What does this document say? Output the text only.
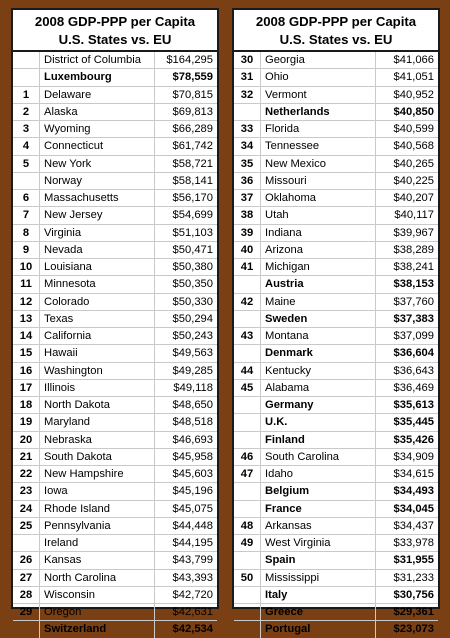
2008 GDP-PPP per Capita
U.S. States vs. EU
	District of Columbia	$164,295
	Luxembourg	$78,559
1	Delaware	$70,815
2	Alaska	$69,813
3	Wyoming	$66,289
4	Connecticut	$61,742
5	New York	$58,721
	Norway	$58,141
6	Massachusetts	$56,170
7	New Jersey	$54,699
8	Virginia	$51,103
9	Nevada	$50,471
10	Louisiana	$50,380
11	Minnesota	$50,350
12	Colorado	$50,330
13	Texas	$50,294
14	California	$50,243
15	Hawaii	$49,563
16	Washington	$49,285
17	Illinois	$49,118
18	North Dakota	$48,650
19	Maryland	$48,518
20	Nebraska	$46,693
21	South Dakota	$45,958
22	New Hampshire	$45,603
23	Iowa	$45,196
24	Rhode Island	$45,075
25	Pennsylvania	$44,448
	Ireland	$44,195
26	Kansas	$43,799
27	North Carolina	$43,393
28	Wisconsin	$42,720
29	Oregon	$42,631
	Switzerland	$42,534
2008 GDP-PPP per Capita
U.S. States vs. EU
30	Georgia	$41,066
31	Ohio	$41,051
32	Vermont	$40,952
	Netherlands	$40,850
33	Florida	$40,599
34	Tennessee	$40,568
35	New Mexico	$40,265
36	Missouri	$40,225
37	Oklahoma	$40,207
38	Utah	$40,117
39	Indiana	$39,967
40	Arizona	$38,289
41	Michigan	$38,241
	Austria	$38,153
42	Maine	$37,760
	Sweden	$37,383
43	Montana	$37,099
	Denmark	$36,604
44	Kentucky	$36,643
45	Alabama	$36,469
	Germany	$35,613
	U.K.	$35,445
	Finland	$35,426
46	South Carolina	$34,909
47	Idaho	$34,615
	Belgium	$34,493
	France	$34,045
48	Arkansas	$34,437
49	West Virginia	$33,978
	Spain	$31,955
50	Mississippi	$31,233
	Italy	$30,756
	Greece	$29,361
	Portugal	$23,073
